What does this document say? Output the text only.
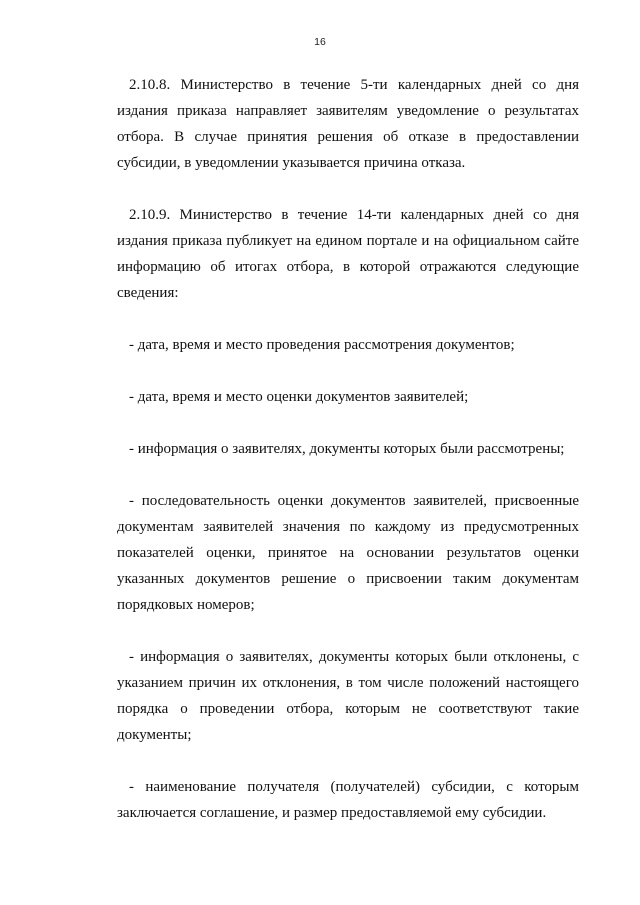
16

2.10.8. Министерство в течение 5-ти календарных дней со дня издания приказа направляет заявителям уведомление о результатах отбора. В случае принятия решения об отказе в предоставлении субсидии, в уведомлении указывается причина отказа.

2.10.9. Министерство в течение 14-ти календарных дней со дня издания приказа публикует на едином портале и на официальном сайте информацию об итогах отбора, в которой отражаются следующие сведения:

- дата, время и место проведения рассмотрения документов;

- дата, время и место оценки документов заявителей;

- информация о заявителях, документы которых были рассмотрены;

- последовательность оценки документов заявителей, присвоенные документам заявителей значения по каждому из предусмотренных показателей оценки, принятое на основании результатов оценки указанных документов решение о присвоении таким документам порядковых номеров;

- информация о заявителях, документы которых были отклонены, с указанием причин их отклонения, в том числе положений настоящего порядка о проведении отбора, которым не соответствуют такие документы;

- наименование получателя (получателей) субсидии, с которым заключается соглашение, и размер предоставляемой ему субсидии.
